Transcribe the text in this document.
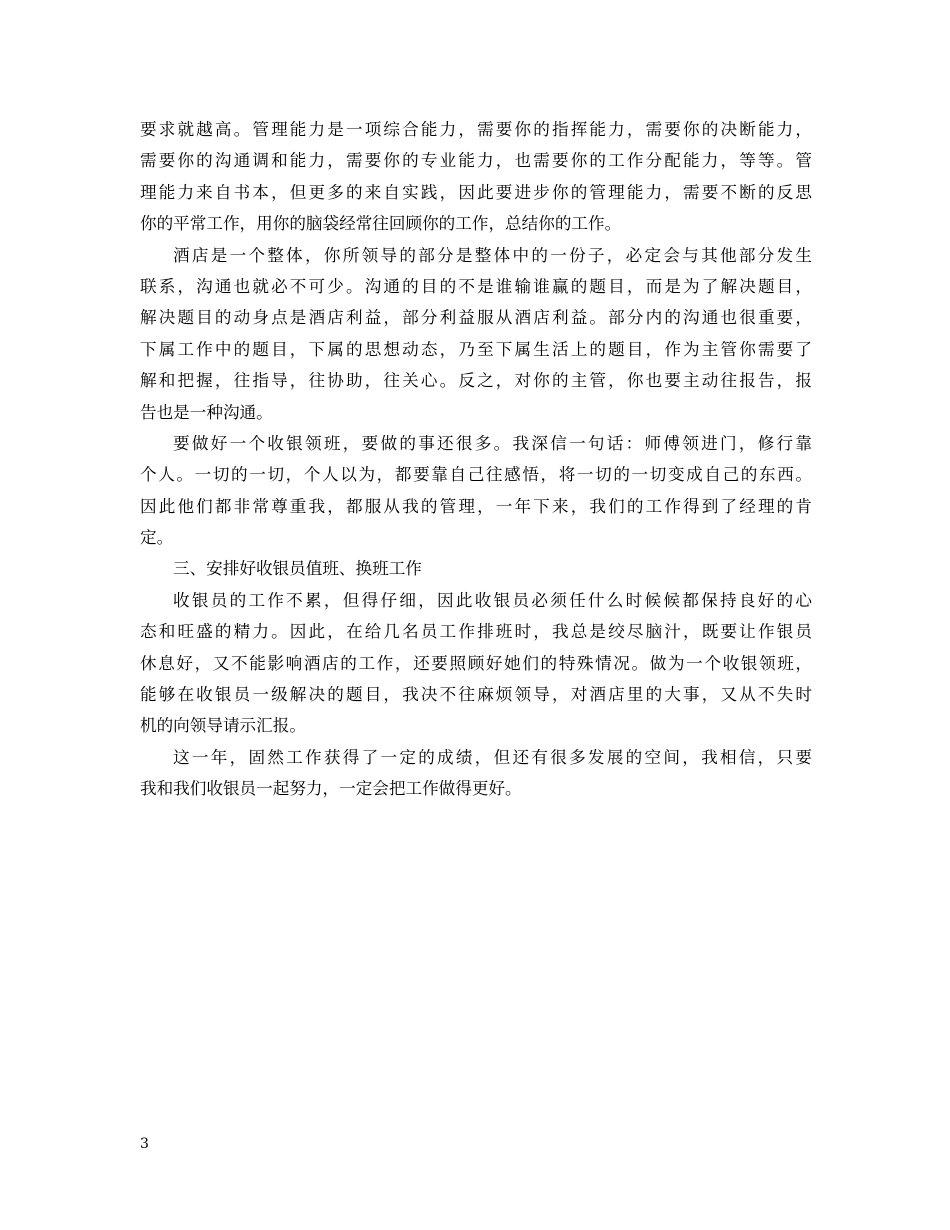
要求就越高。管理能力是一项综合能力，需要你的指挥能力，需要你的决断能力，
需要你的沟通调和能力，需要你的专业能力，也需要你的工作分配能力，等等。管
理能力来自书本，但更多的来自实践，因此要进步你的管理能力，需要不断的反思
你的平常工作，用你的脑袋经常往回顾你的工作，总结你的工作。
酒店是一个整体，你所领导的部分是整体中的一份子，必定会与其他部分发生
联系，沟通也就必不可少。沟通的目的不是谁输谁赢的题目，而是为了解决题目，
解决题目的动身点是酒店利益，部分利益服从酒店利益。部分内的沟通也很重要，
下属工作中的题目，下属的思想动态，乃至下属生活上的题目，作为主管你需要了
解和把握，往指导，往协助，往关心。反之，对你的主管，你也要主动往报告，报
告也是一种沟通。
要做好一个收银领班，要做的事还很多。我深信一句话：师傅领进门，修行靠
个人。一切的一切，个人以为，都要靠自己往感悟，将一切的一切变成自己的东西。
因此他们都非常尊重我，都服从我的管理，一年下来，我们的工作得到了经理的肯
定。
三、安排好收银员值班、换班工作
收银员的工作不累，但得仔细，因此收银员必须任什么时候候都保持良好的心
态和旺盛的精力。因此，在给几名员工作排班时，我总是绞尽脑汁，既要让作银员
休息好，又不能影响酒店的工作，还要照顾好她们的特殊情况。做为一个收银领班，
能够在收银员一级解决的题目，我决不往麻烦领导，对酒店里的大事，又从不失时
机的向领导请示汇报。
这一年，固然工作获得了一定的成绩，但还有很多发展的空间，我相信，只要
我和我们收银员一起努力，一定会把工作做得更好。
3
